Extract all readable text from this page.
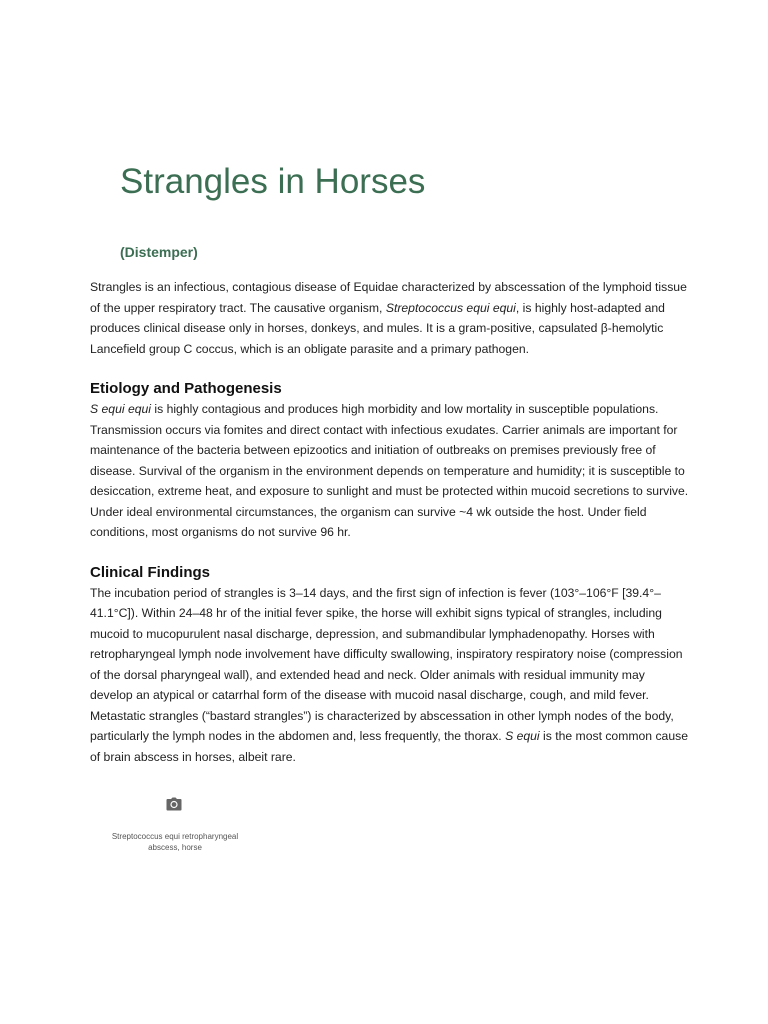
Strangles in Horses
(Distemper)

Strangles is an infectious, contagious disease of Equidae characterized by abscessation of the lymphoid tissue of the upper respiratory tract. The causative organism, Streptococcus equi equi, is highly host-adapted and produces clinical disease only in horses, donkeys, and mules. It is a gram-positive, capsulated β-hemolytic Lancefield group C coccus, which is an obligate parasite and a primary pathogen.

Etiology and Pathogenesis

S equi equi is highly contagious and produces high morbidity and low mortality in susceptible populations. Transmission occurs via fomites and direct contact with infectious exudates. Carrier animals are important for maintenance of the bacteria between epizootics and initiation of outbreaks on premises previously free of disease. Survival of the organism in the environment depends on temperature and humidity; it is susceptible to desiccation, extreme heat, and exposure to sunlight and must be protected within mucoid secretions to survive. Under ideal environmental circumstances, the organism can survive ~4 wk outside the host. Under field conditions, most organisms do not survive 96 hr.

Clinical Findings

The incubation period of strangles is 3–14 days, and the first sign of infection is fever (103°–106°F [39.4°–41.1°C]). Within 24–48 hr of the initial fever spike, the horse will exhibit signs typical of strangles, including mucoid to mucopurulent nasal discharge, depression, and submandibular lymphadenopathy. Horses with retropharyngeal lymph node involvement have difficulty swallowing, inspiratory respiratory noise (compression of the dorsal pharyngeal wall), and extended head and neck. Older animals with residual immunity may develop an atypical or catarrhal form of the disease with mucoid nasal discharge, cough, and mild fever. Metastatic strangles (“bastard strangles”) is characterized by abscessation in other lymph nodes of the body, particularly the lymph nodes in the abdomen and, less frequently, the thorax. S equi is the most common cause of brain abscess in horses, albeit rare.

Streptococcus equi retropharyngeal abscess, horse
